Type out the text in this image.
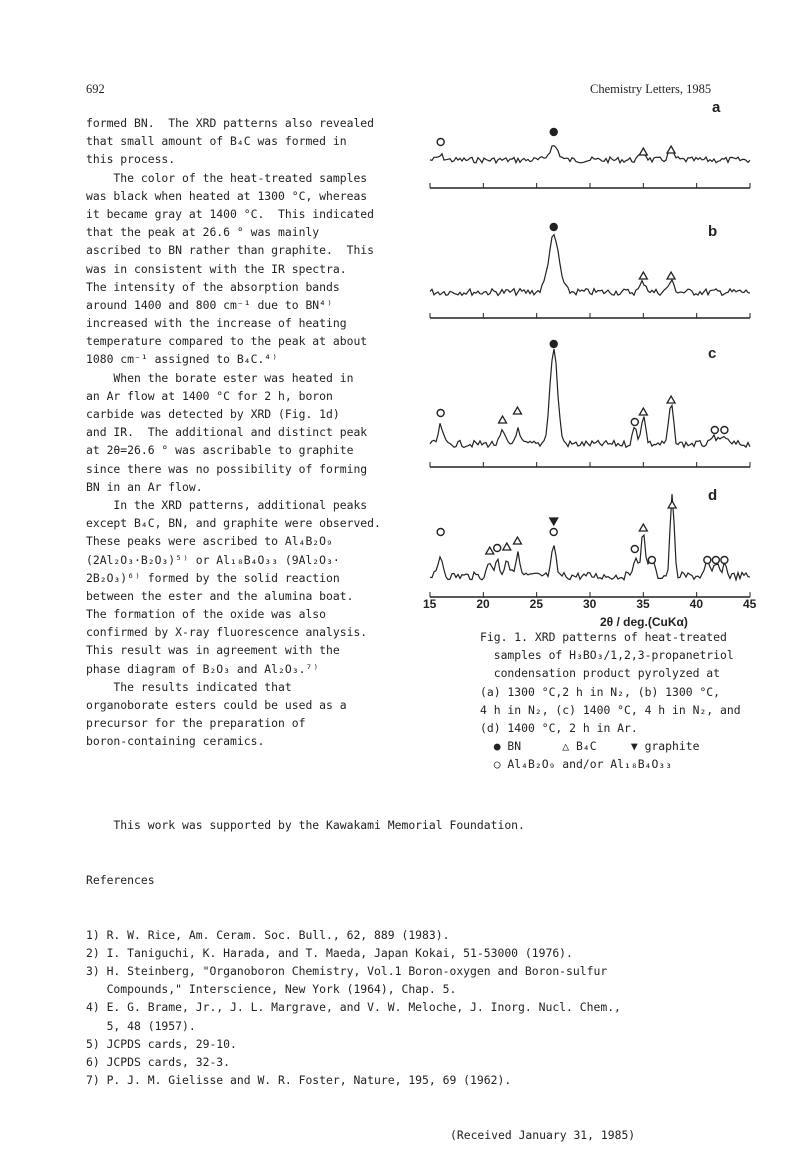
692	Chemistry Letters, 1985
formed BN.  The XRD patterns also revealed
that small amount of B₄C was formed in
this process.
The color of the heat-treated samples
was black when heated at 1300 °C, whereas
it became gray at 1400 °C.  This indicated
that the peak at 26.6 ° was mainly
ascribed to BN rather than graphite.  This
was in consistent with the IR spectra.
The intensity of the absorption bands
around 1400 and 800 cm⁻¹ due to BN⁴⁾
increased with the increase of heating
temperature compared to the peak at about
1080 cm⁻¹ assigned to B₄C.⁴⁾
When the borate ester was heated in
an Ar flow at 1400 °C for 2 h, boron
carbide was detected by XRD (Fig. 1d)
and IR.  The additional and distinct peak
at 2θ=26.6 ° was ascribable to graphite
since there was no possibility of forming
BN in an Ar flow.
In the XRD patterns, additional peaks
except B₄C, BN, and graphite were observed.
These peaks were ascribed to Al₄B₂O₉
(2Al₂O₃·B₂O₃)⁵⁾ or Al₁₈B₄O₃₃ (9Al₂O₃·
2B₂O₃)⁶⁾ formed by the solid reaction
between the ester and the alumina boat.
The formation of the oxide was also
confirmed by X-ray fluorescence analysis.
This result was in agreement with the
phase diagram of B₂O₃ and Al₂O₃.⁷⁾
The results indicated that
organoborate esters could be used as a
precursor for the preparation of
boron-containing ceramics.
a
b
c
d
15	20	25	30	35	40	45
2θ / deg.(CuKα)
Fig. 1. XRD patterns of heat-treated
samples of H₃BO₃/1,2,3-propanetriol
condensation product pyrolyzed at
(a) 1300 °C,2 h in N₂, (b) 1300 °C,
4 h in N₂, (c) 1400 °C, 4 h in N₂, and
(d) 1400 °C, 2 h in Ar.
● BN      △ B₄C     ▼ graphite
○ Al₄B₂O₉ and/or Al₁₈B₄O₃₃

This work was supported by the Kawakami Memorial Foundation.

References

1) R. W. Rice, Am. Ceram. Soc. Bull., 62, 889 (1983).
2) I. Taniguchi, K. Harada, and T. Maeda, Japan Kokai, 51-53000 (1976).
3) H. Steinberg, "Organoboron Chemistry, Vol.1 Boron-oxygen and Boron-sulfur
Compounds," Interscience, New York (1964), Chap. 5.
4) E. G. Brame, Jr., J. L. Margrave, and V. W. Meloche, J. Inorg. Nucl. Chem.,
5, 48 (1957).
5) JCPDS cards, 29-10.
6) JCPDS cards, 32-3.
7) P. J. M. Gielisse and W. R. Foster, Nature, 195, 69 (1962).

(Received January 31, 1985)
